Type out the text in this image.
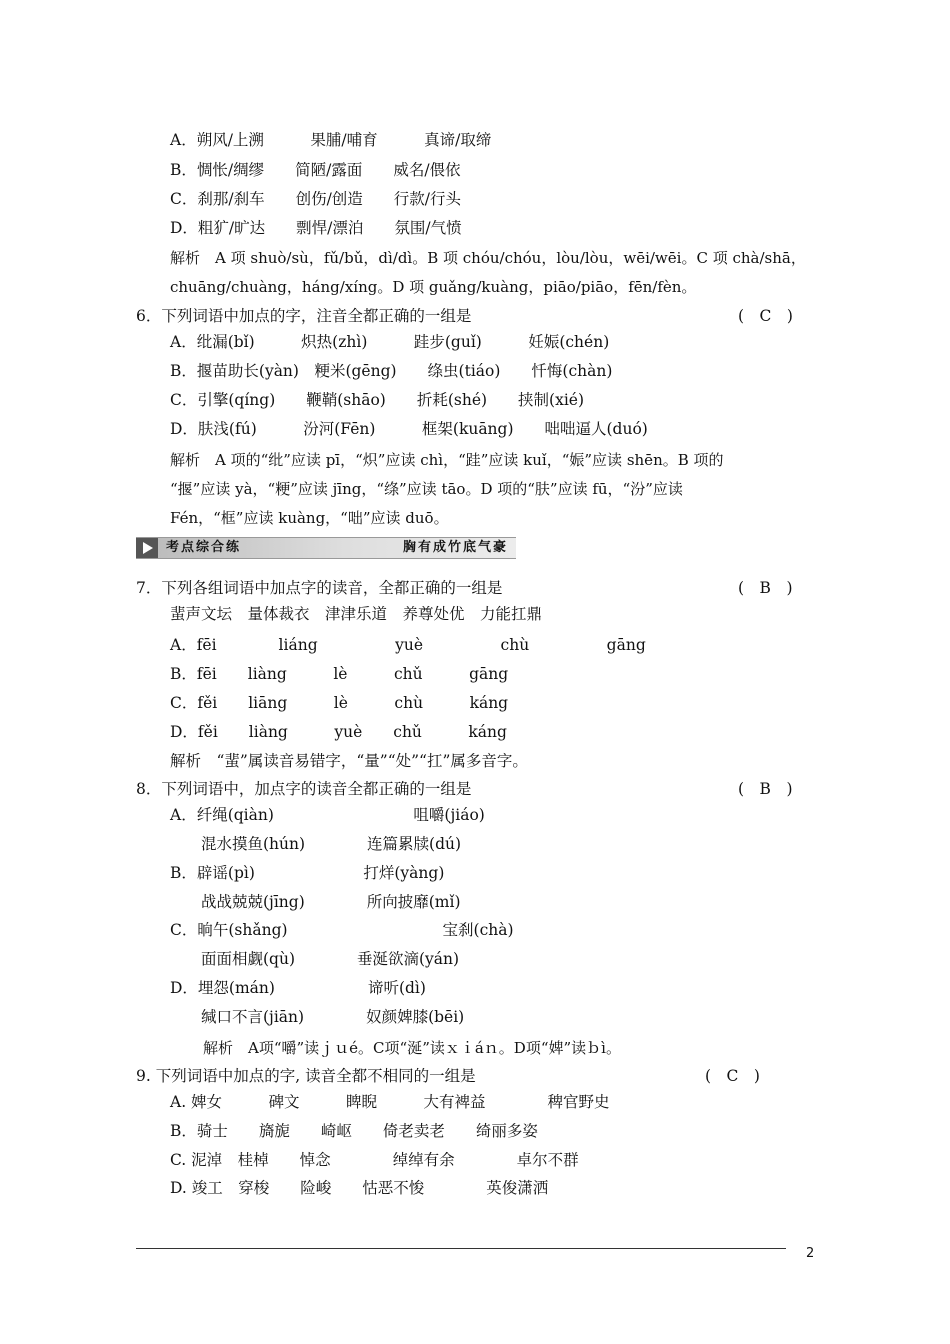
A．朔风/上溯　　　果脯/哺育　　　真谛/取缔
B．惆怅/绸缪　　简陋/露面　　威名/偎依
C．刹那/刹车　　创伤/创造　　行款/行头
D．粗犷/旷达　　剽悍/漂泊　　氛围/气愤
解析　A 项 shuò/sù，fǔ/bǔ，dì/dì。B 项 chóu/chóu，lòu/lòu，wēi/wēi。C 项 chà/shā，
chuāng/chuàng，háng/xíng。D 项 guǎng/kuàng，piāo/piāo，fēn/fèn。
6．下列词语中加点的字，注音全都正确的一组是	(　C　)
A．纰漏(bǐ)　　　炽热(zhì)　　　跬步(guǐ)　　　妊娠(chén)
B．揠苗助长(yàn)　粳米(gēng)　　绦虫(tiáo)　　忏悔(chàn)
C．引擎(qíng)　　鞭鞘(shāo)　　折耗(shé)　　挟制(xié)
D．肤浅(fú)　　　汾河(Fēn)　　　框架(kuāng)　　咄咄逼人(duó)
解析　A 项的“纰”应读 pī，“炽”应读 chì，“跬”应读 kuǐ，“娠”应读 shēn。B 项的
“揠”应读 yà，“粳”应读 jīng，“绦”应读 tāo。D 项的“肤”应读 fū，“汾”应读
Fén，“框”应读 kuàng，“咄”应读 duō。
考点综合练	胸有成竹底气豪
7．下列各组词语中加点字的读音，全都正确的一组是	(　B　)
蜚声文坛　量体裁衣　津津乐道　养尊处优　力能扛鼎
A．fēi　　　　liáng　　　　　yuè　　　　　chù　　　　　gāng
B．fēi　　liàng　　　lè　　　chǔ　　　gāng
C．fěi　　liāng　　　lè　　　chù　　　káng
D．fěi　　liàng　　　yuè　　chǔ　　　káng
解析　“蜚”属读音易错字，“量”“处”“扛”属多音字。
8．下列词语中，加点字的读音全都正确的一组是	(　B　)
A．纤绳(qiàn)　　　　　　　　　咀嚼(jiáo)
　　混水摸鱼(hún)　　　　连篇累牍(dú)
B．辟谣(pì)　　　　　　　打烊(yàng)
　　战战兢兢(jīng)　　　　所向披靡(mǐ)
C．晌午(shǎng)　　　　　　　　　　宝刹(chà)
　　面面相觑(qù)　　　　垂涎欲滴(yán)
D．埋怨(mán)　　　　　　谛听(dì)
　　缄口不言(jiān)　　　　奴颜婢膝(bēi)
解析　A项“嚼”读ｊｕé。C项“涎”读ｘｉáｎ。D项“婢”读ｂì。
9. 下列词语中加点的字, 读音全都不相同的一组是	(　C　)
A. 婢女　　　碑文　　　睥睨　　　大有裨益　　　　稗官野史
B．骑士　　旖旎　　崎岖　　倚老卖老　　绮丽多姿
C. 泥淖　桂棹　　悼念　　　　绰绰有余　　　　卓尔不群
D. 竣工　穿梭　　险峻　　怙恶不悛　　　　英俊潇洒
2
